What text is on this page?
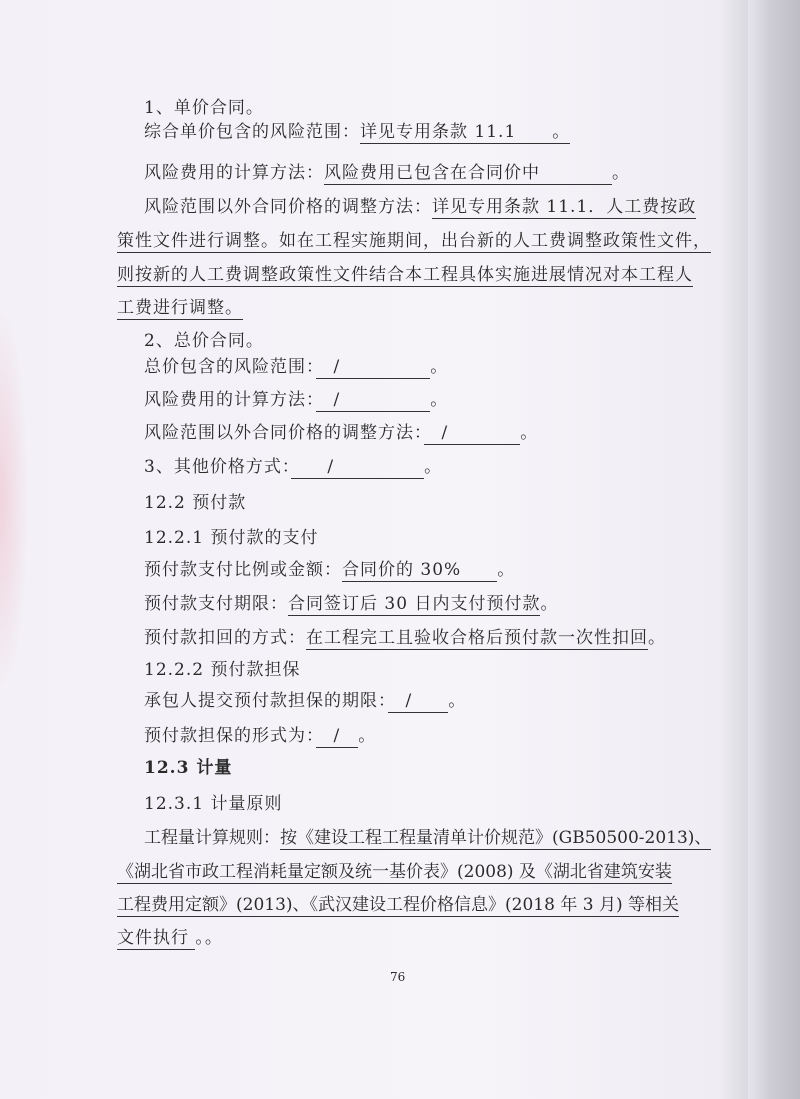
1、单价合同。
综合单价包含的风险范围：详见专用条款 11.1　　。
风险费用的计算方法：风险费用已包含在合同价中　　　　。
风险范围以外合同价格的调整方法：详见专用条款 11.1．人工费按政
策性文件进行调整。如在工程实施期间，出台新的人工费调整政策性文件，
则按新的人工费调整政策性文件结合本工程具体实施进展情况对本工程人
工费进行调整。
2、总价合同。
总价包含的风险范围：　/　　　　　。
风险费用的计算方法：　/　　　　　。
风险范围以外合同价格的调整方法：　/　　　　。
3、其他价格方式：　　/　　　　　。
12.2 预付款
12.2.1 预付款的支付
预付款支付比例或金额：合同价的 30%　　。
预付款支付期限：合同签订后 30 日内支付预付款。
预付款扣回的方式：在工程完工且验收合格后预付款一次性扣回。
12.2.2 预付款担保
承包人提交预付款担保的期限：　/　　。
预付款担保的形式为：　/　。
12.3 计量
12.3.1 计量原则
工程量计算规则：按《建设工程工程量清单计价规范》(GB50500-2013)、
《湖北省市政工程消耗量定额及统一基价表》(2008) 及《湖北省建筑安装
工程费用定额》(2013)、《武汉建设工程价格信息》(2018 年 3 月) 等相关
文件执行 。。
76
